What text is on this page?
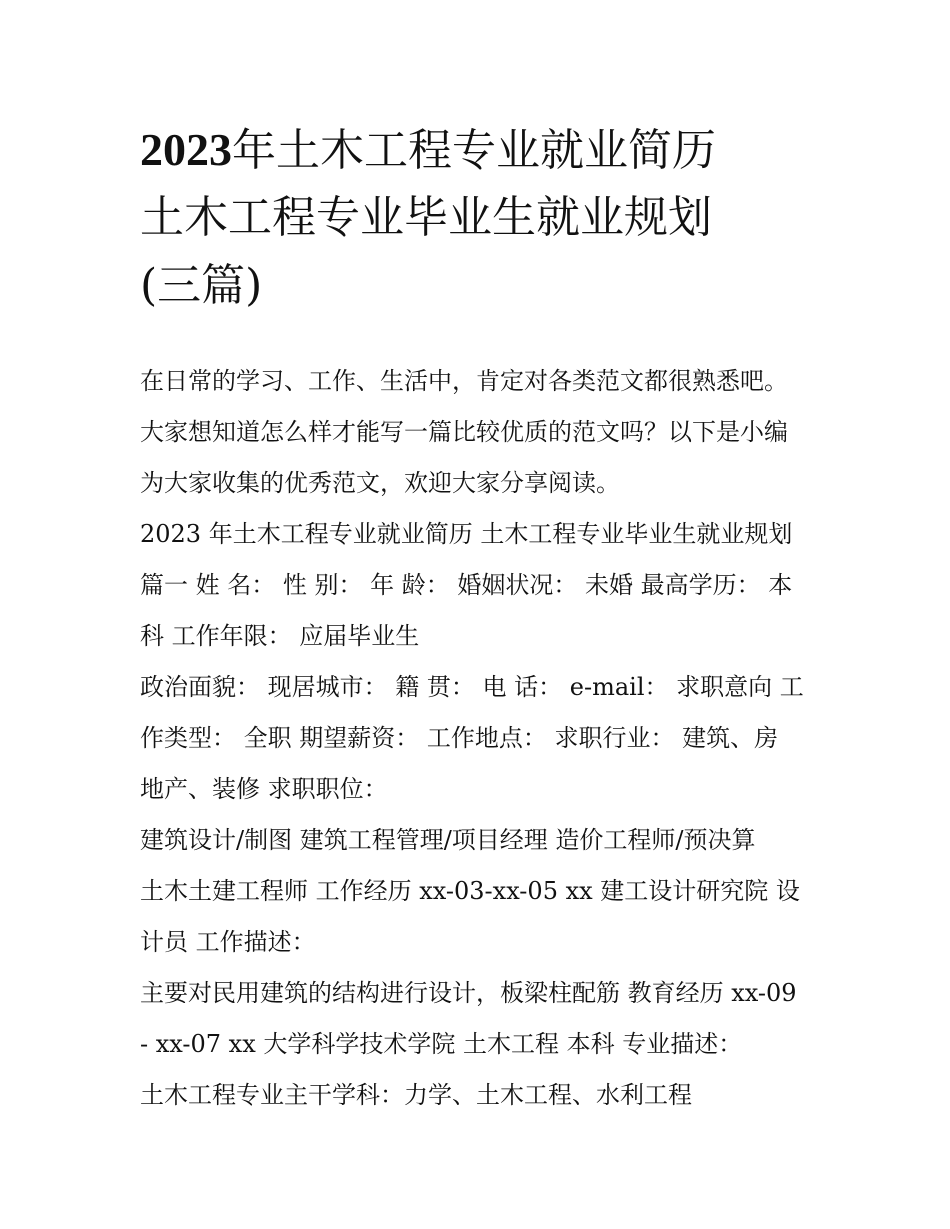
2023年土木工程专业就业简历
土木工程专业毕业生就业规划
(三篇)
在日常的学习、工作、生活中，肯定对各类范文都很熟悉吧。
大家想知道怎么样才能写一篇比较优质的范文吗？以下是小编
为大家收集的优秀范文，欢迎大家分享阅读。
2023 年土木工程专业就业简历 土木工程专业毕业生就业规划
篇一 姓 名： 性 别： 年 龄： 婚姻状况： 未婚 最高学历： 本
科 工作年限： 应届毕业生
政治面貌： 现居城市： 籍 贯： 电 话： e-mail： 求职意向 工
作类型： 全职 期望薪资： 工作地点： 求职行业： 建筑、房
地产、装修 求职职位：
建筑设计/制图 建筑工程管理/项目经理 造价工程师/预决算
土木土建工程师 工作经历 xx-03-xx-05 xx 建工设计研究院 设
计员 工作描述：
主要对民用建筑的结构进行设计，板梁柱配筋 教育经历 xx-09
- xx-07 xx 大学科学技术学院 土木工程 本科 专业描述：
土木工程专业主干学科：力学、土木工程、水利工程
